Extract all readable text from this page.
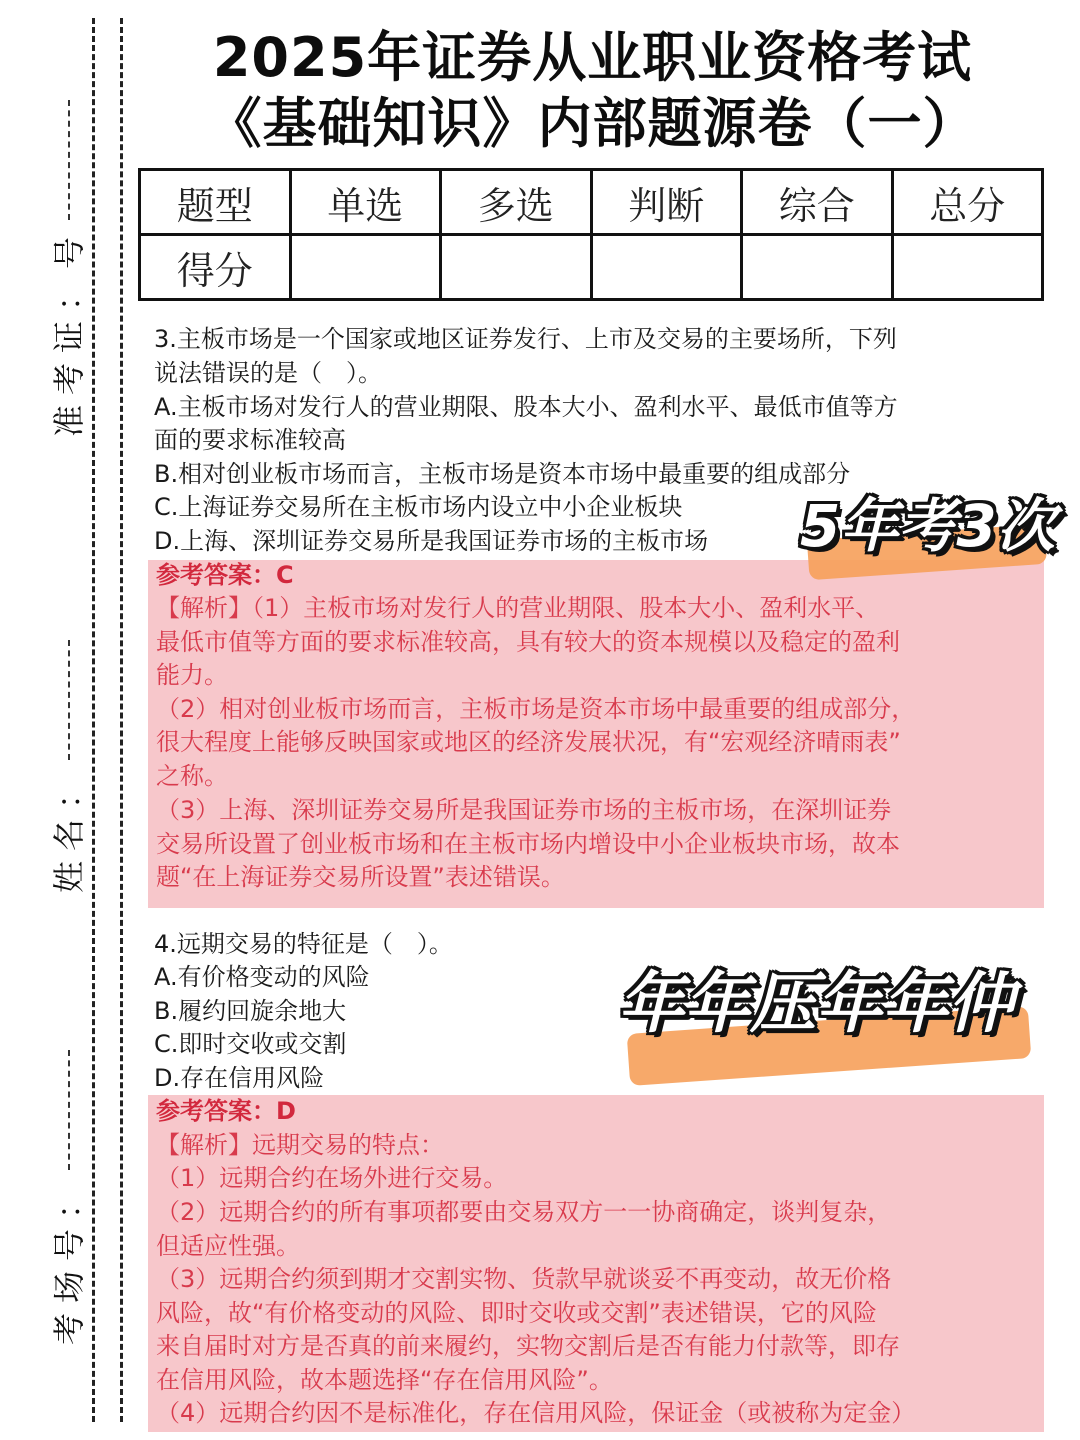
号
：
证
考
准
：
名
姓
：
号
场
考
2025年证券从业职业资格考试
《基础知识》内部题源卷（一）
题型	单选	多选	判断	综合	总分
得分					
3.主板市场是一个国家或地区证券发行、上市及交易的主要场所，下列
说法错误的是（　）。
A.主板市场对发行人的营业期限、股本大小、盈利水平、最低市值等方
面的要求标准较高
B.相对创业板市场而言，主板市场是资本市场中最重要的组成部分
C.上海证券交易所在主板市场内设立中小企业板块
D.上海、深圳证券交易所是我国证券市场的主板市场
参考答案：C
【解析】（1）主板市场对发行人的营业期限、股本大小、盈利水平、
最低市值等方面的要求标准较高，具有较大的资本规模以及稳定的盈利
能力。
（2）相对创业板市场而言，主板市场是资本市场中最重要的组成部分，
很大程度上能够反映国家或地区的经济发展状况，有“宏观经济晴雨表”
之称。
（3）上海、深圳证券交易所是我国证券市场的主板市场，在深圳证券
交易所设置了创业板市场和在主板市场内增设中小企业板块市场，故本
题“在上海证券交易所设置”表述错误。
5年考3次
4.远期交易的特征是（　）。
A.有价格变动的风险
B.履约回旋余地大
C.即时交收或交割
D.存在信用风险
年年压年年仲
参考答案：D
【解析】远期交易的特点：
（1）远期合约在场外进行交易。
（2）远期合约的所有事项都要由交易双方一一协商确定，谈判复杂，
但适应性强。
（3）远期合约须到期才交割实物、货款早就谈妥不再变动，故无价格
风险，故“有价格变动的风险、即时交收或交割”表述错误，它的风险
来自届时对方是否真的前来履约，实物交割后是否有能力付款等，即存
在信用风险，故本题选择“存在信用风险”。
（4）远期合约因不是标准化，存在信用风险，保证金（或被称为定金）
